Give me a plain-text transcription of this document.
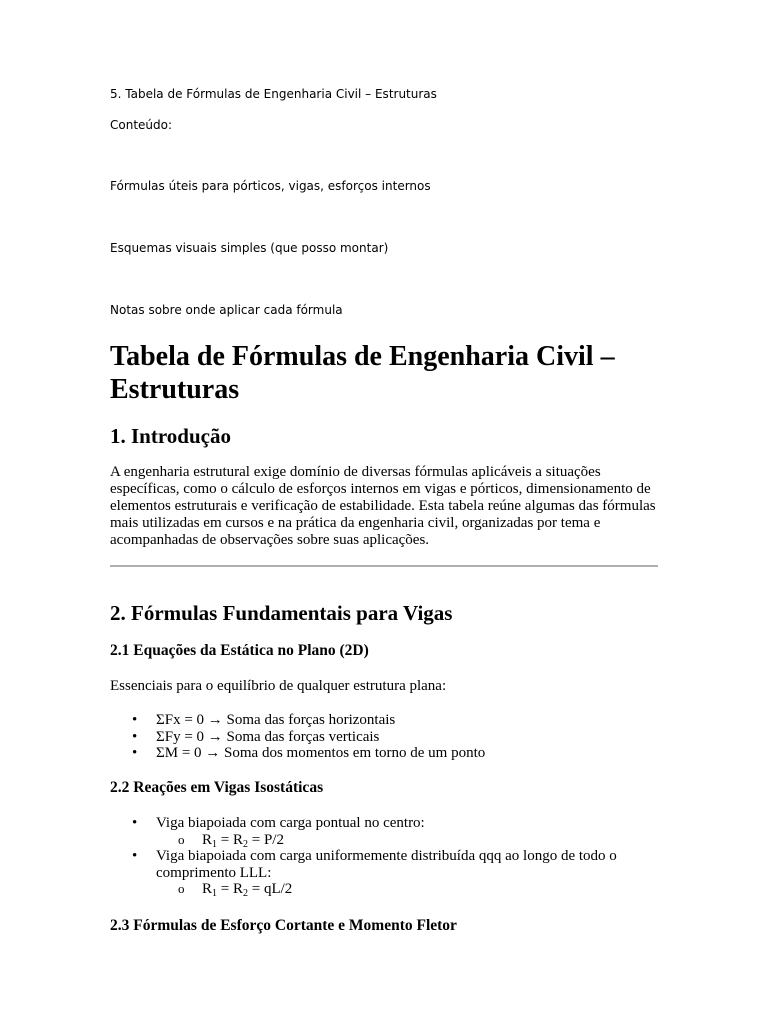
5. Tabela de Fórmulas de Engenharia Civil – Estruturas
Conteúdo:
Fórmulas úteis para pórticos, vigas, esforços internos
Esquemas visuais simples (que posso montar)
Notas sobre onde aplicar cada fórmula
Tabela de Fórmulas de Engenharia Civil – Estruturas
1. Introdução

A engenharia estrutural exige domínio de diversas fórmulas aplicáveis a situações específicas, como o cálculo de esforços internos em vigas e pórticos, dimensionamento de elementos estruturais e verificação de estabilidade. Esta tabela reúne algumas das fórmulas mais utilizadas em cursos e na prática da engenharia civil, organizadas por tema e acompanhadas de observações sobre suas aplicações.

2. Fórmulas Fundamentais para Vigas
2.1 Equações da Estática no Plano (2D)

Essenciais para o equilíbrio de qualquer estrutura plana:

• ΣFx = 0 → Soma das forças horizontais
• ΣFy = 0 → Soma das forças verticais
• ΣM = 0 → Soma dos momentos em torno de um ponto
2.2 Reações em Vigas Isostáticas
• Viga biapoiada com carga pontual no centro:
o $R_1 = R_2 = P/2$
• Viga biapoiada com carga uniformemente distribuída qqq ao longo de todo o comprimento LLL:
o $R_1 = R_2 = qL/2$
2.3 Fórmulas de Esforço Cortante e Momento Fletor
